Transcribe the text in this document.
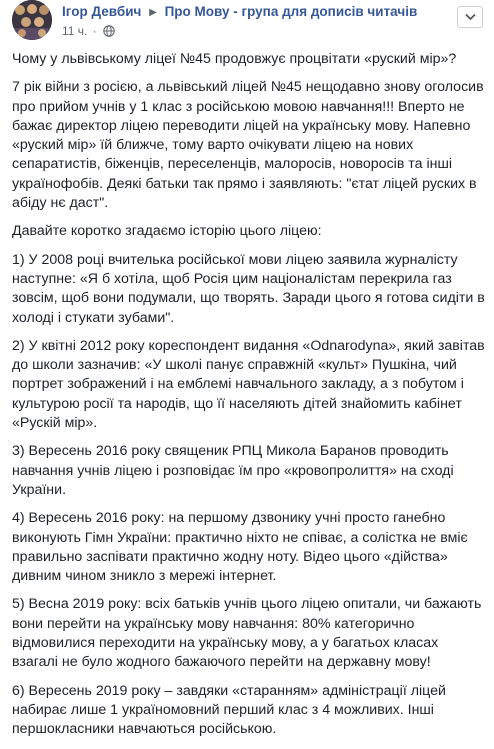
Ігор Девбич ▶ Про Мову - група для дописів читачів
11 ч. ·

Чому у львівському ліцеї №45 продовжує процвітати «руский мір»?

7 рік війни з росією, а львівський ліцей №45 нещодавно знову оголосив про прийом учнів у 1 клас з російською мовою навчання!!! Вперто не бажає директор ліцею переводити ліцей на українську мову. Напевно «руский мір» їй ближче, тому варто очікувати ліцею на нових сепаратистів, біженців, переселенців, малоросів, новоросів та інші українофобів. Деякі батьки так прямо і заявляють: "єтат ліцей руских в абіду нє даст".

Давайте коротко згадаємо історію цього ліцею:

1) У 2008 році вчителька російської мови ліцею заявила журналісту наступне: «Я б хотіла, щоб Росія цим націоналістам перекрила газ зовсім, щоб вони подумали, що творять. Заради цього я готова сидіти в холоді і стукати зубами".

2) У квітні 2012 року кореспондент видання «Odnarodyna», який завітав до школи зазначив: «У школі панує справжній «культ» Пушкіна, чий портрет зображений і на емблемі навчального закладу, а з побутом і культурою росії та народів, що її населяють дітей знайомить кабінет «Рускій мір».

3) Вересень 2016 року священик РПЦ Микола Баранов проводить навчання учнів ліцею і розповідає їм про «кровопролиття» на сході України.

4) Вересень 2016 року: на першому дзвонику учні просто ганебно виконують Гімн України: практично ніхто не співає, а солістка не вміє правильно заспівати практично жодну ноту. Відео цього «дійства» дивним чином зникло з мережі інтернет.

5) Весна 2019 року: всіх батьків учнів цього ліцею опитали, чи бажають вони перейти на українську мову навчання: 80% категорично відмовилися переходити на українську мову, а у багатьох класах взагалі не було жодного бажаючого перейти на державну мову!

6) Вересень 2019 року – завдяки «старанням» адміністрації ліцей набирає лише 1 україномовний перший клас з 4 можливих. Інші першокласники навчаються російською.
